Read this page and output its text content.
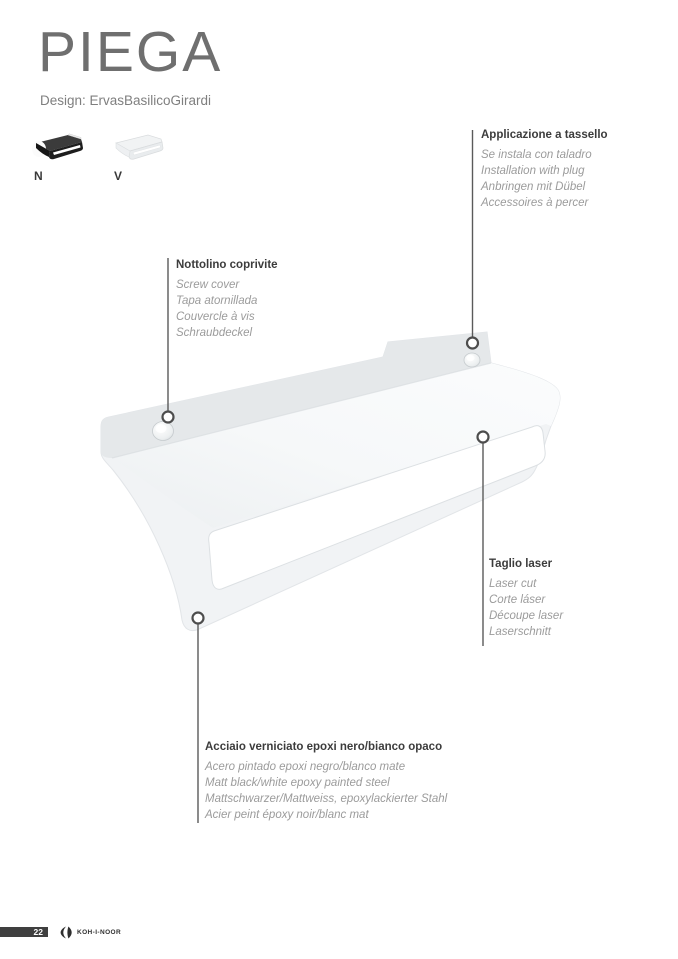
PIEGA
Design: ErvasBasilicoGirardi
N	V
Applicazione a tassello

Se instala con taladro

Installation with plug

Anbringen mit Dübel

Accessoires à percer

Nottolino coprivite

Screw cover

Tapa atornillada

Couvercle à vis

Schraubdeckel

Taglio laser

Laser cut

Corte láser

Découpe laser

Laserschnitt

Acciaio verniciato epoxi nero/bianco opaco

Acero pintado epoxi negro/blanco mate

Matt black/white epoxy painted steel

Mattschwarzer/Mattweiss, epoxylackierter Stahl

Acier peint époxy noir/blanc mat

22	KOH-I-NOOR
